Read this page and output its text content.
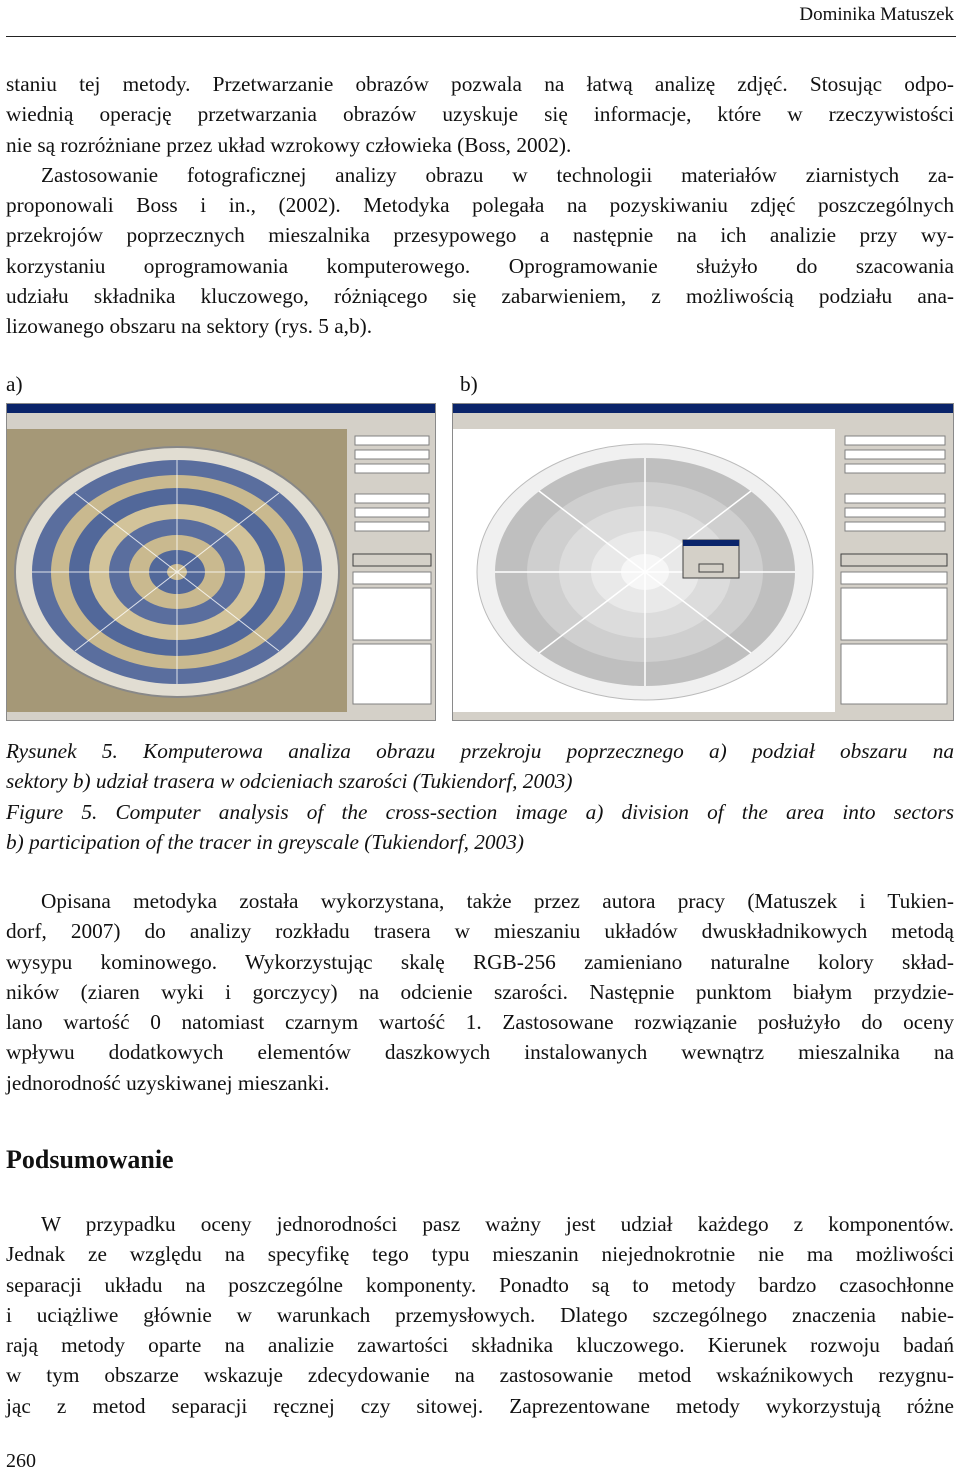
Dominika Matuszek

staniu tej metody. Przetwarzanie obrazów pozwala na łatwą analizę zdjęć. Stosując odpo-
wiednią operację przetwarzania obrazów uzyskuje się informacje, które w rzeczywistości
nie są rozróżniane przez układ wzrokowy człowieka (Boss, 2002).
Zastosowanie fotograficznej analizy obrazu w technologii materiałów ziarnistych za-
proponowali Boss i in., (2002). Metodyka polegała na pozyskiwaniu zdjęć poszczególnych
przekrojów poprzecznych mieszalnika przesypowego a następnie na ich analizie przy wy-
korzystaniu oprogramowania komputerowego. Oprogramowanie służyło do szacowania
udziału składnika kluczowego, różniącego się zabarwieniem, z możliwością podziału ana-
lizowanego obszaru na sektory (rys. 5 a,b).

a)	b)

Rysunek 5. Komputerowa analiza obrazu przekroju poprzecznego a) podział obszaru na
sektory b) udział trasera w odcieniach szarości (Tukiendorf, 2003)

Figure 5. Computer analysis of the cross-section image a) division of the area into sectors
b) participation of the tracer in greyscale (Tukiendorf, 2003)

Opisana metodyka została wykorzystana, także przez autora pracy (Matuszek i Tukien-
dorf, 2007) do analizy rozkładu trasera w mieszaniu układów dwuskładnikowych metodą
wysypu kominowego. Wykorzystując skalę RGB-256 zamieniano naturalne kolory skład-
ników (ziaren wyki i gorczycy) na odcienie szarości. Następnie punktom białym przydzie-
lano wartość 0 natomiast czarnym wartość 1. Zastosowane rozwiązanie posłużyło do oceny
wpływu dodatkowych elementów daszkowych instalowanych wewnątrz mieszalnika na
jednorodność uzyskiwanej mieszanki.

Podsumowanie

W przypadku oceny jednorodności pasz ważny jest udział każdego z komponentów.
Jednak ze względu na specyfikę tego typu mieszanin niejednokrotnie nie ma możliwości
separacji układu na poszczególne komponenty. Ponadto są to metody bardzo czasochłonne
i uciążliwe głównie w warunkach przemysłowych. Dlatego szczególnego znaczenia nabie-
rają metody oparte na analizie zawartości składnika kluczowego. Kierunek rozwoju badań
w tym obszarze wskazuje zdecydowanie na zastosowanie metod wskaźnikowych rezygnu-
jąc z metod separacji ręcznej czy sitowej. Zaprezentowane metody wykorzystują różne

260
